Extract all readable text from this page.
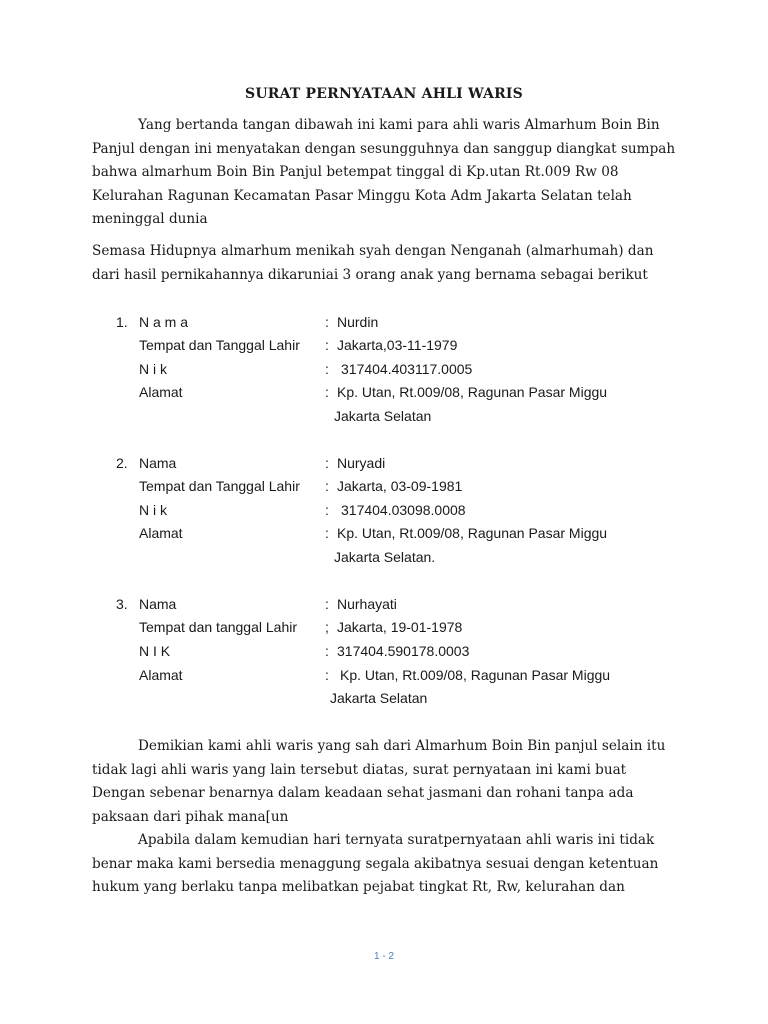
SURAT PERNYATAAN AHLI WARIS

Yang bertanda tangan dibawah ini kami para ahli waris Almarhum Boin Bin Panjul dengan ini menyatakan dengan sesungguhnya dan sanggup diangkat sumpah bahwa almarhum Boin Bin Panjul betempat tinggal di Kp.utan Rt.009 Rw 08 Kelurahan Ragunan Kecamatan Pasar Minggu Kota Adm Jakarta Selatan telah meninggal dunia

Semasa Hidupnya almarhum menikah syah dengan Nenganah (almarhumah) dan dari hasil pernikahannya dikaruniai 3 orang anak yang bernama sebagai berikut

1. N a m a	: Nurdin
Tempat dan Tanggal Lahir : Jakarta,03-11-1979
N i k	: 317404.403117.0005
Alamat	: Kp. Utan, Rt.009/08, Ragunan Pasar Miggu
Jakarta Selatan
2. Nama	: Nuryadi
Tempat dan Tanggal Lahir : Jakarta, 03-09-1981
N i k	: 317404.03098.0008
Alamat	: Kp. Utan, Rt.009/08, Ragunan Pasar Miggu
Jakarta Selatan.
3. Nama	: Nurhayati
Tempat dan tanggal Lahir ; Jakarta, 19-01-1978
N I K	: 317404.590178.0003
Alamat	: Kp. Utan, Rt.009/08, Ragunan Pasar Miggu
Jakarta Selatan

Demikian kami ahli waris yang sah dari Almarhum Boin Bin panjul selain itu tidak lagi ahli waris yang lain tersebut diatas, surat pernyataan ini kami buat Dengan sebenar benarnya dalam keadaan sehat jasmani dan rohani tanpa ada paksaan dari pihak mana[un

Apabila dalam kemudian hari ternyata suratpernyataan ahli waris ini tidak benar maka kami bersedia menaggung segala akibatnya sesuai dengan ketentuan hukum yang berlaku tanpa melibatkan pejabat tingkat Rt, Rw, kelurahan dan

1 - 2
